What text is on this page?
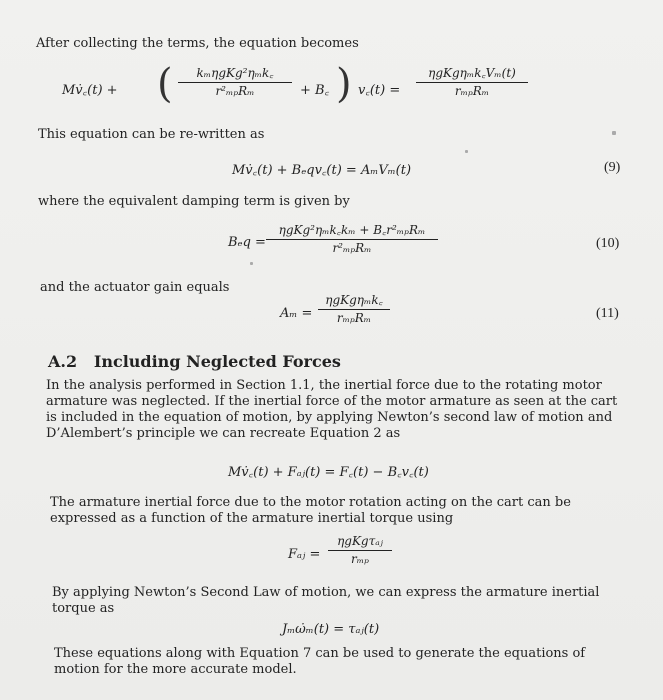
After collecting the terms, the equation becomes
Mv̇꜀(t) + (	kₘηgKg²ηₘk꜀
r²ₘₚRₘ	+ B꜀ ) v꜀(t) =
ηgKgηₘk꜀Vₘ(t)
rₘₚRₘ
This equation can be re-written as
Mv̇꜀(t) + Bₑqv꜀(t) = AₘVₘ(t)	(9)
where the equivalent damping term is given by
Bₑq =
ηgKg²ηₘk꜀kₘ + B꜀r²ₘₚRₘ
r²ₘₚRₘ	(10)
and the actuator gain equals
Aₘ =
ηgKgηₘk꜀
rₘₚRₘ	(11)
A.2 Including Neglected Forces
In the analysis performed in Section 1.1, the inertial force due to the rotating motor armature was neglected. If the inertial force of the motor armature as seen at the cart is included in the equation of motion, by applying Newton’s second law of motion and D’Alembert’s principle we can recreate Equation 2 as
Mv̇꜀(t) + Fₐⱼ(t) = F꜀(t) − B꜀v꜀(t)
The armature inertial force due to the motor rotation acting on the cart can be expressed as a function of the armature inertial torque using
Fₐⱼ =
ηgKgτₐⱼ
rₘₚ
By applying Newton’s Second Law of motion, we can express the armature inertial torque as
Jₘω̇ₘ(t) = τₐⱼ(t)
These equations along with Equation 7 can be used to generate the equations of motion for the more accurate model.
